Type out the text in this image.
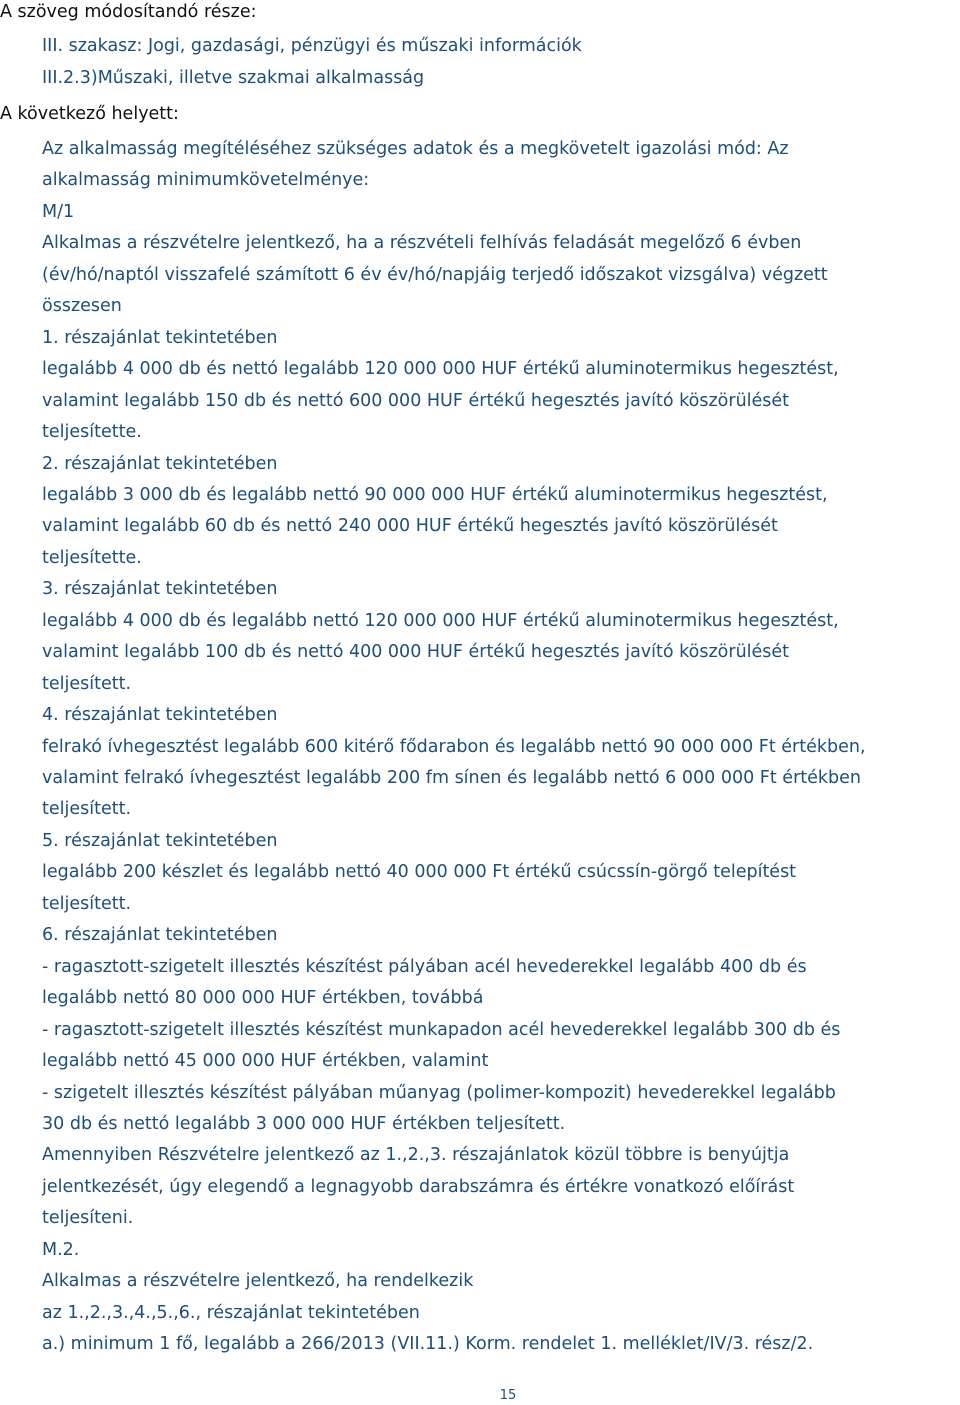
A szöveg módosítandó része:
III. szakasz: Jogi, gazdasági, pénzügyi és műszaki információk
III.2.3)Műszaki, illetve szakmai alkalmasság
A következő helyett:
Az alkalmasság megítéléséhez szükséges adatok és a megkövetelt igazolási mód: Az
alkalmasság minimumkövetelménye:
M/1
Alkalmas a részvételre jelentkező, ha a részvételi felhívás feladását megelőző 6 évben
(év/hó/naptól visszafelé számított 6 év év/hó/napjáig terjedő időszakot vizsgálva) végzett
összesen
1. részajánlat tekintetében
legalább 4 000 db és nettó legalább 120 000 000 HUF értékű aluminotermikus hegesztést,
valamint legalább 150 db és nettó 600 000 HUF értékű hegesztés javító köszörülését
teljesítette.
2. részajánlat tekintetében
legalább 3 000 db és legalább nettó 90 000 000 HUF értékű aluminotermikus hegesztést,
valamint legalább 60 db és nettó 240 000 HUF értékű hegesztés javító köszörülését
teljesítette.
3. részajánlat tekintetében
legalább 4 000 db és legalább nettó 120 000 000 HUF értékű aluminotermikus hegesztést,
valamint legalább 100 db és nettó 400 000 HUF értékű hegesztés javító köszörülését
teljesített.
4. részajánlat tekintetében
felrakó ívhegesztést legalább 600 kitérő fődarabon és legalább nettó 90 000 000 Ft értékben,
valamint felrakó ívhegesztést legalább 200 fm sínen és legalább nettó 6 000 000 Ft értékben
teljesített.
5. részajánlat tekintetében
legalább 200 készlet és legalább nettó 40 000 000 Ft értékű csúcssín-görgő telepítést
teljesített.
6. részajánlat tekintetében
- ragasztott-szigetelt illesztés készítést pályában acél hevederekkel legalább 400 db és
legalább nettó 80 000 000 HUF értékben, továbbá
- ragasztott-szigetelt illesztés készítést munkapadon acél hevederekkel legalább 300 db és
legalább nettó 45 000 000 HUF értékben, valamint
- szigetelt illesztés készítést pályában műanyag (polimer-kompozit) hevederekkel legalább
30 db és nettó legalább 3 000 000 HUF értékben teljesített.
Amennyiben Részvételre jelentkező az 1.,2.,3. részajánlatok közül többre is benyújtja
jelentkezését, úgy elegendő a legnagyobb darabszámra és értékre vonatkozó előírást
teljesíteni.
M.2.
Alkalmas a részvételre jelentkező, ha rendelkezik
az 1.,2.,3.,4.,5.,6., részajánlat tekintetében
a.) minimum 1 fő, legalább a 266/2013 (VII.11.) Korm. rendelet 1. melléklet/IV/3. rész/2.
15
